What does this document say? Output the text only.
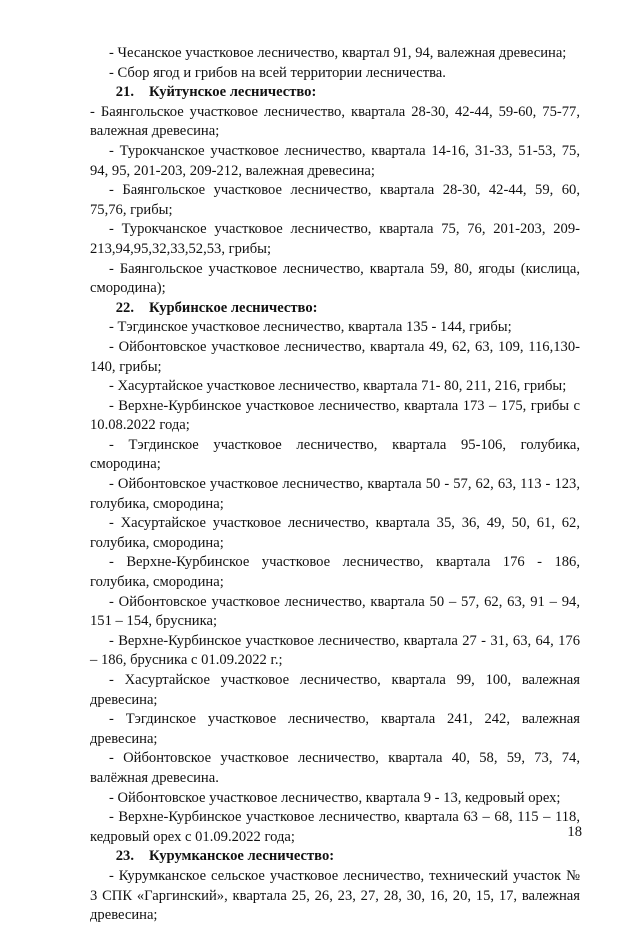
- Чесанское участковое лесничество, квартал 91, 94, валежная древесина;

- Сбор ягод и грибов на всей территории лесничества.

21. Куйтунское лесничество:

- Баянгольское участковое лесничество, квартала 28-30, 42-44, 59-60, 75-77, валежная древесина;

- Турокчанское участковое лесничество, квартала 14-16, 31-33, 51-53, 75, 94, 95, 201-203, 209-212, валежная древесина;

- Баянгольское участковое лесничество, квартала 28-30, 42-44, 59, 60, 75,76, грибы;

- Турокчанское участковое лесничество, квартала 75, 76, 201-203, 209-213,94,95,32,33,52,53, грибы;

- Баянгольское участковое лесничество, квартала 59, 80, ягоды (кислица, смородина);

22. Курбинское лесничество:

- Тэгдинское участковое лесничество, квартала 135 - 144, грибы;

- Ойбонтовское участковое лесничество, квартала 49, 62, 63, 109, 116,130-140, грибы;

- Хасуртайское участковое лесничество, квартала 71- 80, 211, 216, грибы;

- Верхне-Курбинское участковое лесничество, квартала 173 – 175, грибы с 10.08.2022 года;

- Тэгдинское участковое лесничество, квартала 95-106, голубика, смородина;

- Ойбонтовское участковое лесничество, квартала 50 - 57, 62, 63, 113 - 123, голубика, смородина;

- Хасуртайское участковое лесничество, квартала 35, 36, 49, 50, 61, 62, голубика, смородина;

- Верхне-Курбинское участковое лесничество, квартала 176 - 186, голубика, смородина;

- Ойбонтовское участковое лесничество, квартала 50 – 57, 62, 63, 91 – 94, 151 – 154, брусника;

- Верхне-Курбинское участковое лесничество, квартала 27 - 31, 63, 64, 176 – 186, брусника с 01.09.2022 г.;

- Хасуртайское участковое лесничество, квартала 99, 100, валежная древесина;

- Тэгдинское участковое лесничество, квартала 241, 242, валежная древесина;

- Ойбонтовское участковое лесничество, квартала 40, 58, 59, 73, 74, валёжная древесина.

- Ойбонтовское участковое лесничество, квартала 9 - 13, кедровый орех;

- Верхне-Курбинское участковое лесничество, квартала 63 – 68, 115 – 118, кедровый орех с 01.09.2022 года;

23. Курумканское лесничество:

- Курумканское сельское участковое лесничество, технический участок № 3 СПК «Гаргинский», квартала 25, 26, 23, 27, 28, 30, 16, 20, 15, 17, валежная древесина;

18
